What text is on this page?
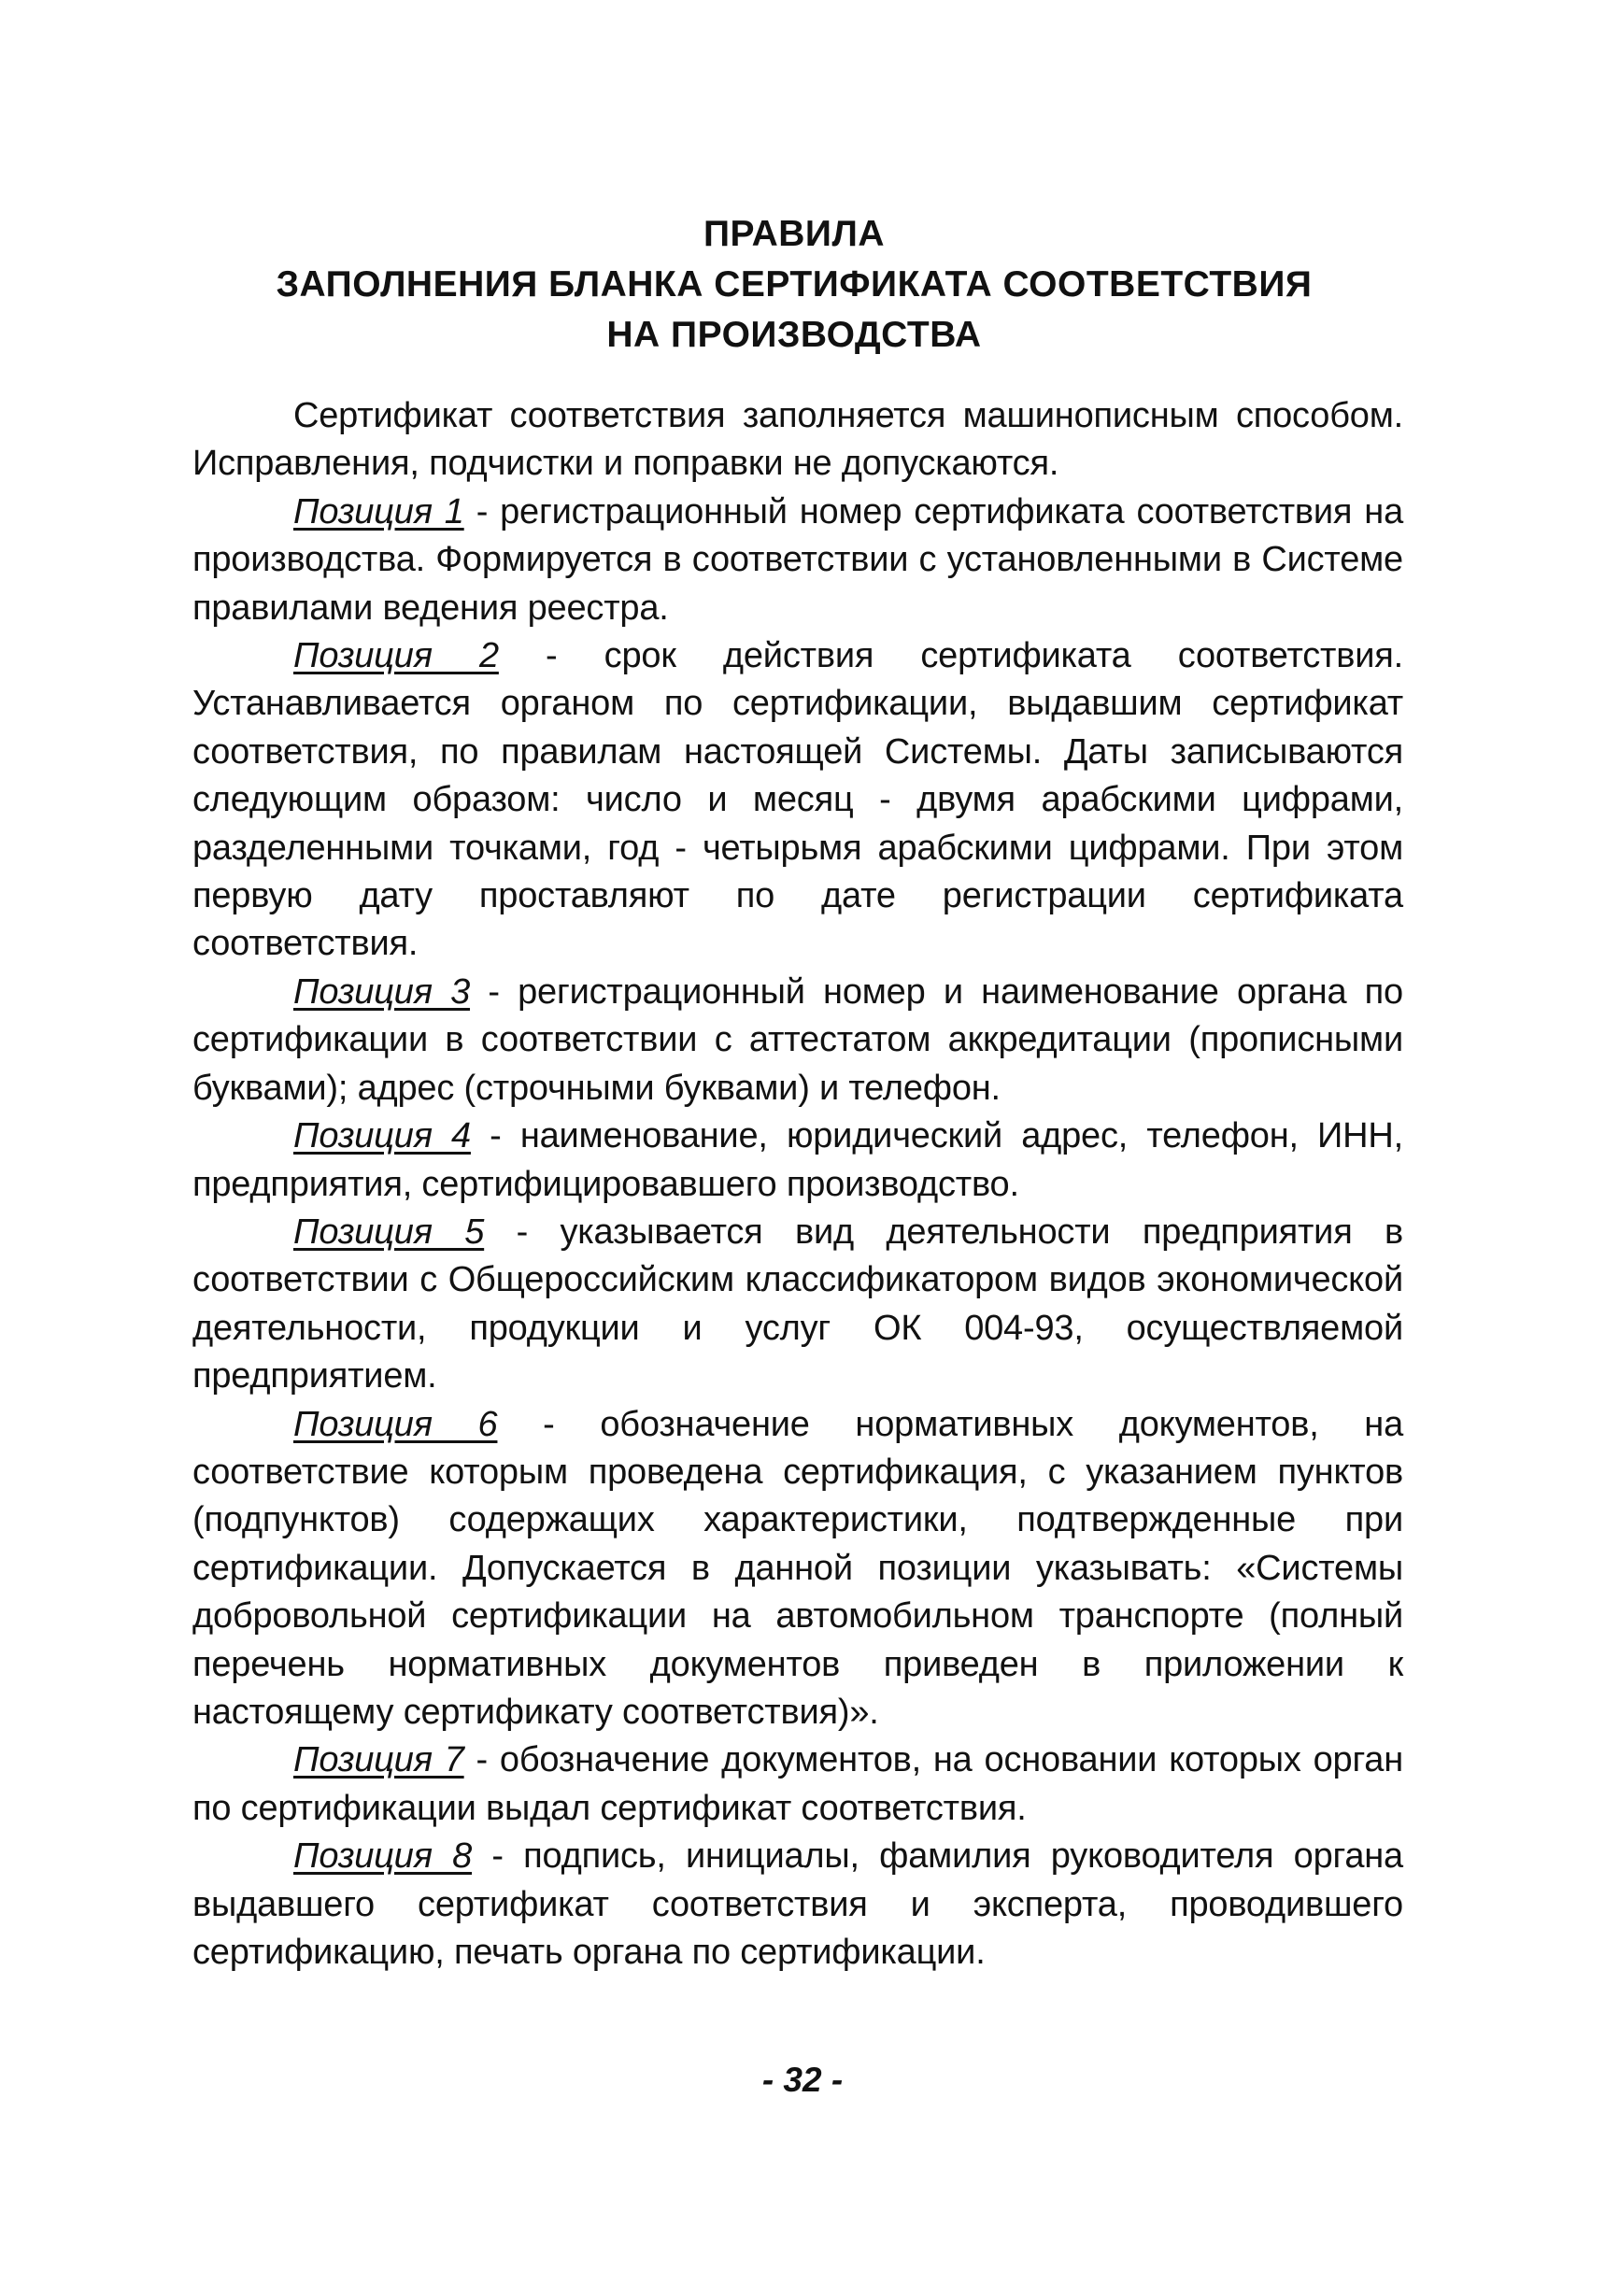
ПРАВИЛА
ЗАПОЛНЕНИЯ БЛАНКА СЕРТИФИКАТА СООТВЕТСТВИЯ
НА ПРОИЗВОДСТВА

Сертификат соответствия заполняется машинописным способом. Исправления, подчистки и поправки не допускаются.

Позиция 1 - регистрационный номер сертификата соответствия на производства. Формируется в соответствии с установленными в Системе правилами ведения реестра.

Позиция 2 - срок действия сертификата соответствия. Устанавливается органом по сертификации, выдавшим сертификат соответствия, по правилам настоящей Системы. Даты записываются следующим образом: число и месяц - двумя арабскими цифрами, разделенными точками, год - четырьмя арабскими цифрами. При этом первую дату проставляют по дате регистрации сертификата соответствия.

Позиция 3 - регистрационный номер и наименование органа по сертификации в соответствии с аттестатом аккредитации (прописными буквами); адрес (строчными буквами) и телефон.

Позиция 4 - наименование, юридический адрес, телефон, ИНН, предприятия, сертифицировавшего производство.

Позиция 5 - указывается вид деятельности предприятия в соответствии с Общероссийским классификатором видов экономической деятельности, продукции и услуг ОК 004-93, осуществляемой предприятием.

Позиция 6 - обозначение нормативных документов, на соответствие которым проведена сертификация, с указанием пунктов (подпунктов) содержащих характеристики, подтвержденные при сертификации. Допускается в данной позиции указывать: «Системы добровольной сертификации на автомобильном транспорте (полный перечень нормативных документов приведен в приложении к настоящему сертификату соответствия)».

Позиция 7 - обозначение документов, на основании которых орган по сертификации выдал сертификат соответствия.

Позиция 8 - подпись, инициалы, фамилия руководителя органа выдавшего сертификат соответствия и эксперта, проводившего сертификацию, печать органа по сертификации.

- 32 -
